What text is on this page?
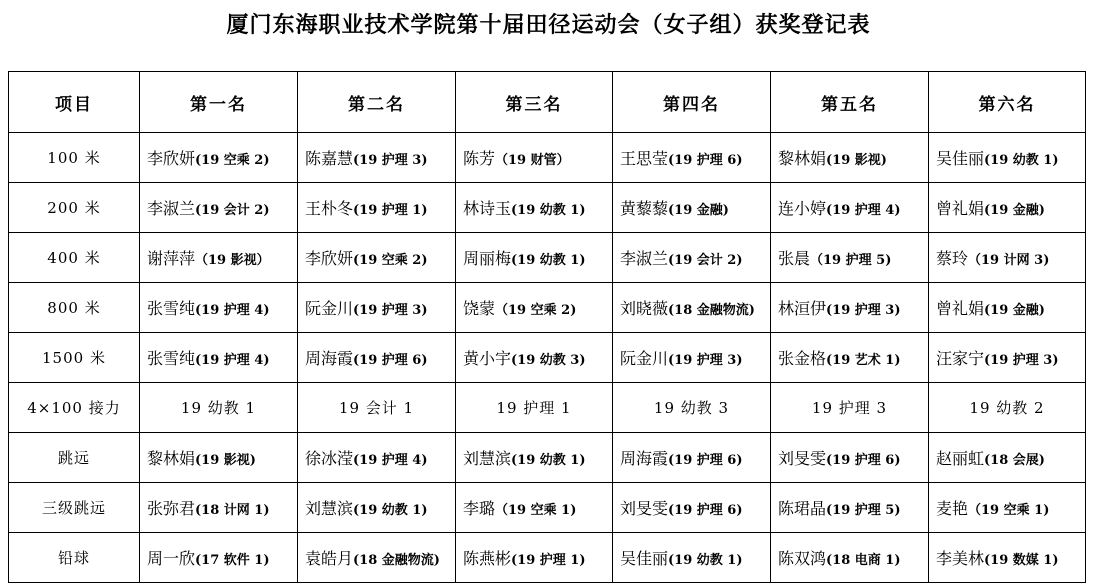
厦门东海职业技术学院第十届田径运动会（女子组）获奖登记表
项目	第一名	第二名	第三名	第四名	第五名	第六名
100 米	李欣妍(19 空乘 2)	陈嘉慧(19 护理 3)	陈芳（19 财管）	王思莹(19 护理 6)	黎林娟(19 影视)	吴佳丽(19 幼教 1)
200 米	李淑兰(19 会计 2)	王朴冬(19 护理 1)	林诗玉(19 幼教 1)	黄藜藜(19 金融)	连小婷(19 护理 4)	曾礼娟(19 金融)
400 米	谢萍萍（19 影视）	李欣妍(19 空乘 2)	周丽梅(19 幼教 1)	李淑兰(19 会计 2)	张晨（19 护理 5)	蔡玲（19 计网 3)
800 米	张雪纯(19 护理 4)	阮金川(19 护理 3)	饶蒙（19 空乘 2)	刘晓薇(18 金融物流)	林洹伊(19 护理 3)	曾礼娟(19 金融)
1500 米	张雪纯(19 护理 4)	周海霞(19 护理 6)	黄小宇(19 幼教 3)	阮金川(19 护理 3)	张金格(19 艺术 1)	汪家宁(19 护理 3)
4×100 接力	19 幼教 1	19 会计 1	19 护理 1	19 幼教 3	19 护理 3	19 幼教 2
跳远	黎林娟(19 影视)	徐冰滢(19 护理 4)	刘慧滨(19 幼教 1)	周海霞(19 护理 6)	刘旻雯(19 护理 6)	赵丽虹(18 会展)
三级跳远	张弥君(18 计网 1)	刘慧滨(19 幼教 1)	李璐（19 空乘 1)	刘旻雯(19 护理 6)	陈珺晶(19 护理 5)	麦艳（19 空乘 1)
铅球	周一欣(17 软件 1)	袁皓月(18 金融物流)	陈燕彬(19 护理 1)	吴佳丽(19 幼教 1)	陈双鸿(18 电商 1)	李美林(19 数媒 1)
